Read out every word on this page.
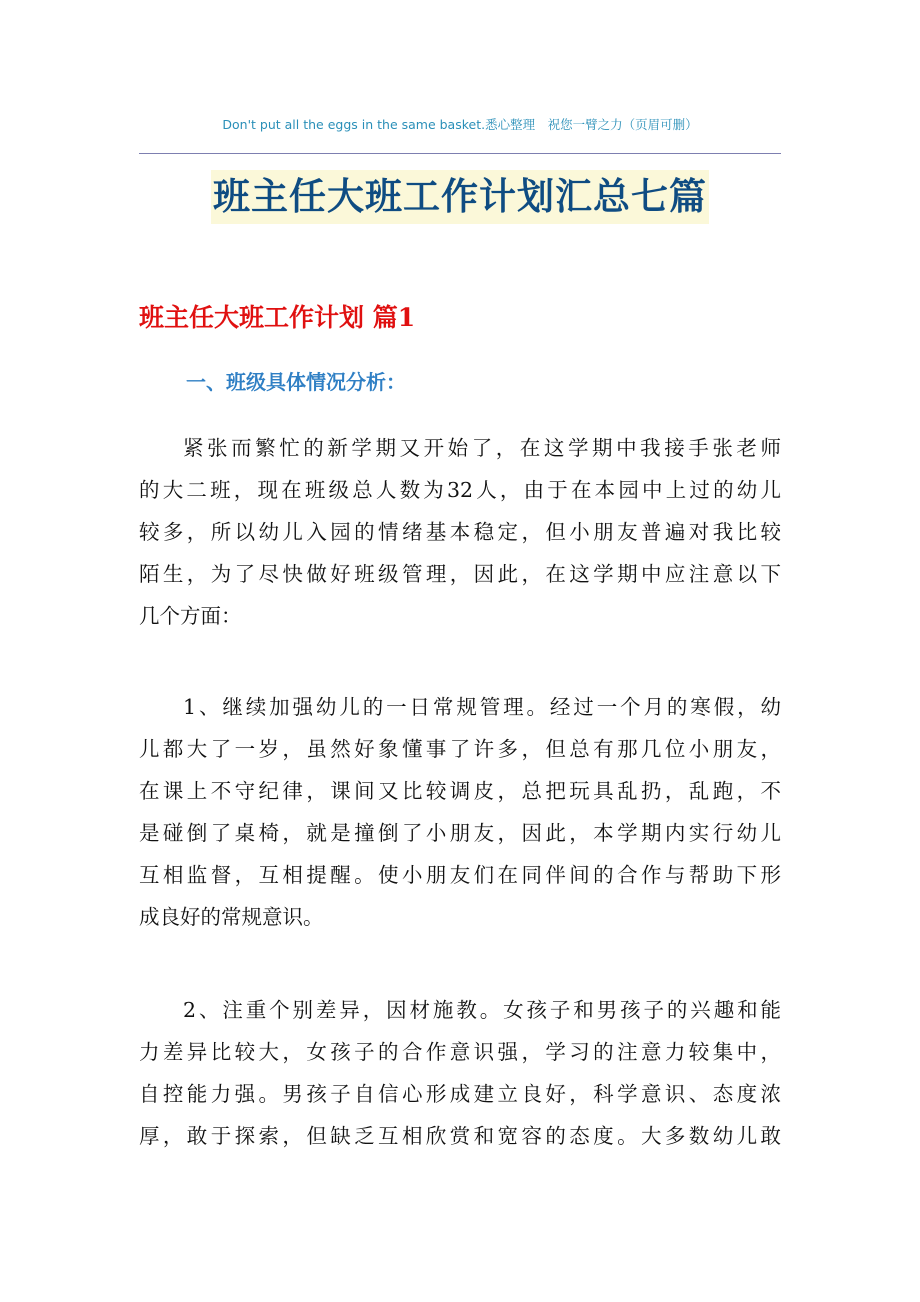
Don't put all the eggs in the same basket.悉心整理　祝您一臂之力（页眉可删）
班主任大班工作计划汇总七篇
班主任大班工作计划 篇1
一、班级具体情况分析：
紧张而繁忙的新学期又开始了，在这学期中我接手张老师
的大二班，现在班级总人数为32人，由于在本园中上过的幼儿
较多，所以幼儿入园的情绪基本稳定，但小朋友普遍对我比较
陌生，为了尽快做好班级管理，因此，在这学期中应注意以下
几个方面：
1、继续加强幼儿的一日常规管理。经过一个月的寒假，幼
儿都大了一岁，虽然好象懂事了许多，但总有那几位小朋友，
在课上不守纪律，课间又比较调皮，总把玩具乱扔，乱跑，不
是碰倒了桌椅，就是撞倒了小朋友，因此，本学期内实行幼儿
互相监督，互相提醒。使小朋友们在同伴间的合作与帮助下形
成良好的常规意识。
2、注重个别差异，因材施教。女孩子和男孩子的兴趣和能
力差异比较大，女孩子的合作意识强，学习的注意力较集中，
自控能力强。男孩子自信心形成建立良好，科学意识、态度浓
厚，敢于探索，但缺乏互相欣赏和宽容的态度。大多数幼儿敢
